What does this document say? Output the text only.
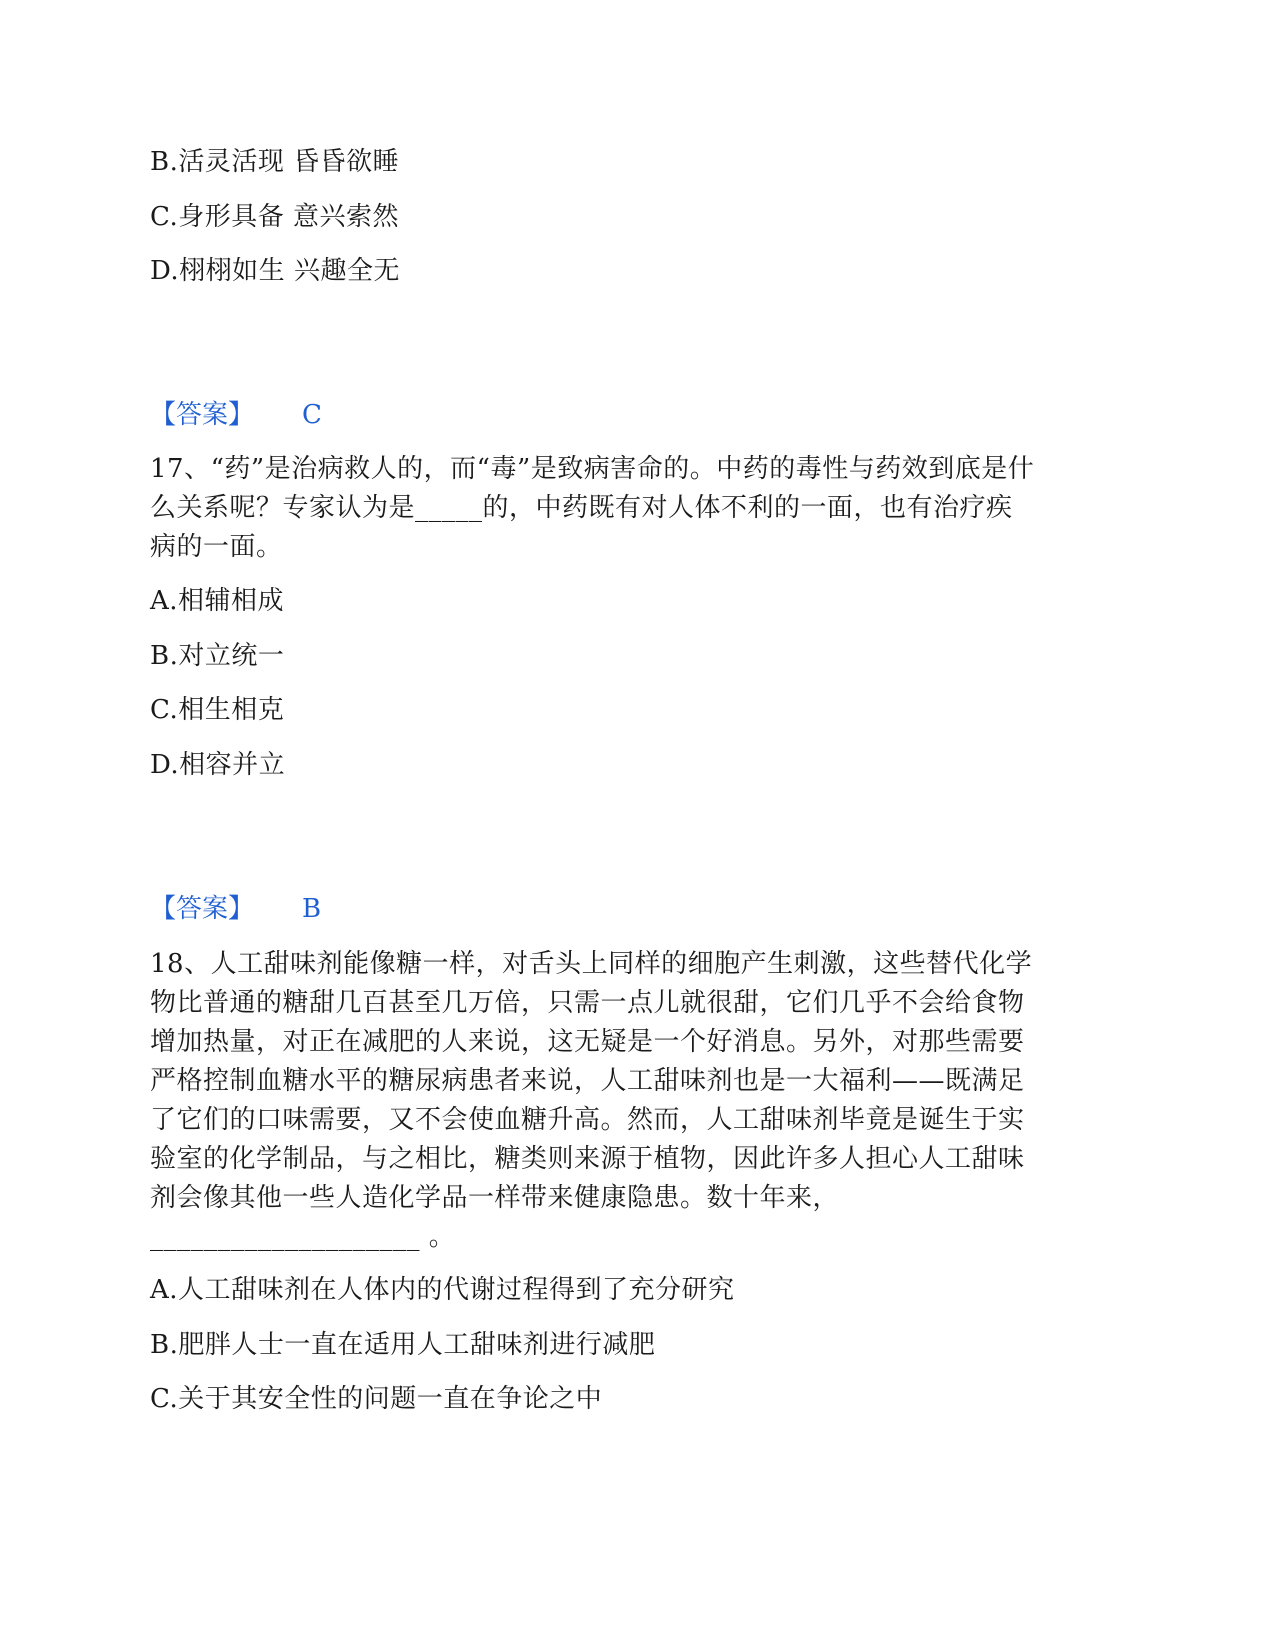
B.活灵活现 昏昏欲睡
C.身形具备 意兴索然
D.栩栩如生 兴趣全无
【答案】 C

17、“药”是治病救人的，而“毒”是致病害命的。中药的毒性与药效到底是什

么关系呢？专家认为是_____的，中药既有对人体不利的一面，也有治疗疾

病的一面。

A.相辅相成
B.对立统一
C.相生相克
D.相容并立
【答案】 B

18、人工甜味剂能像糖一样，对舌头上同样的细胞产生刺激，这些替代化学

物比普通的糖甜几百甚至几万倍，只需一点儿就很甜，它们几乎不会给食物

增加热量，对正在减肥的人来说，这无疑是一个好消息。另外，对那些需要

严格控制血糖水平的糖尿病患者来说，人工甜味剂也是一大福利——既满足

了它们的口味需要，又不会使血糖升高。然而，人工甜味剂毕竟是诞生于实

验室的化学制品，与之相比，糖类则来源于植物，因此许多人担心人工甜味

剂会像其他一些人造化学品一样带来健康隐患。数十年来，

____________________ 。

A.人工甜味剂在人体内的代谢过程得到了充分研究
B.肥胖人士一直在适用人工甜味剂进行减肥
C.关于其安全性的问题一直在争论之中
